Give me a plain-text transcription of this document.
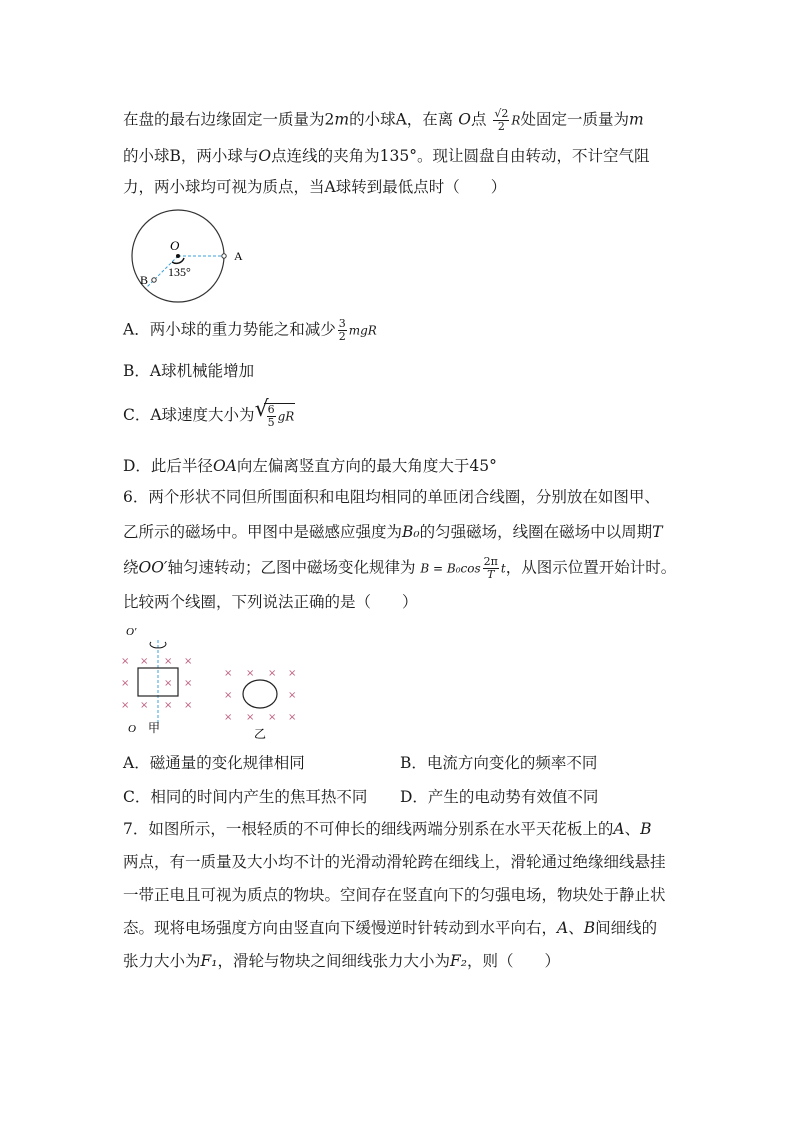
在盘的最右边缘固定一质量为2m的小球A，在离 O点 $\frac{√2}{2}$ R处固定一质量为m
的小球B，两小球与O点连线的夹角为135°。现让圆盘自由转动，不计空气阻
力，两小球均可视为质点，当A球转到最低点时（　　）
O
A
B
135°
A．两小球的重力势能之和减少 $\frac{3}{2}$ mgR
B．A球机械能增加
C．A球速度大小为 √
$\frac{6}{5}$ gR
D．此后半径OA向左偏离竖直方向的最大角度大于45°
6．两个形状不同但所围面积和电阻均相同的单匝闭合线圈，分别放在如图甲、
乙所示的磁场中。甲图中是磁感应强度为B₀的匀强磁场，线圈在磁场中以周期T
绕OO′轴匀速转动；乙图中磁场变化规律为 $B = B_0\cos \frac{2\pi}{T}$ t，从图示位置开始计时。
比较两个线圈，下列说法正确的是（　　）
×
O′
O
× × × ×
×	× ×
× × × ×
甲
× × × ×
×	×
× × × ×
乙
A．磁通量的变化规律相同	B．电流方向变化的频率不同
C．相同的时间内产生的焦耳热不同 D．产生的电动势有效值不同
7．如图所示，一根轻质的不可伸长的细线两端分别系在水平天花板上的A、B
两点，有一质量及大小均不计的光滑动滑轮跨在细线上，滑轮通过绝缘细线悬挂
一带正电且可视为质点的物块。空间存在竖直向下的匀强电场，物块处于静止状
态。现将电场强度方向由竖直向下缓慢逆时针转动到水平向右，A、B间细线的
张力大小为F₁，滑轮与物块之间细线张力大小为F₂，则（　　）
